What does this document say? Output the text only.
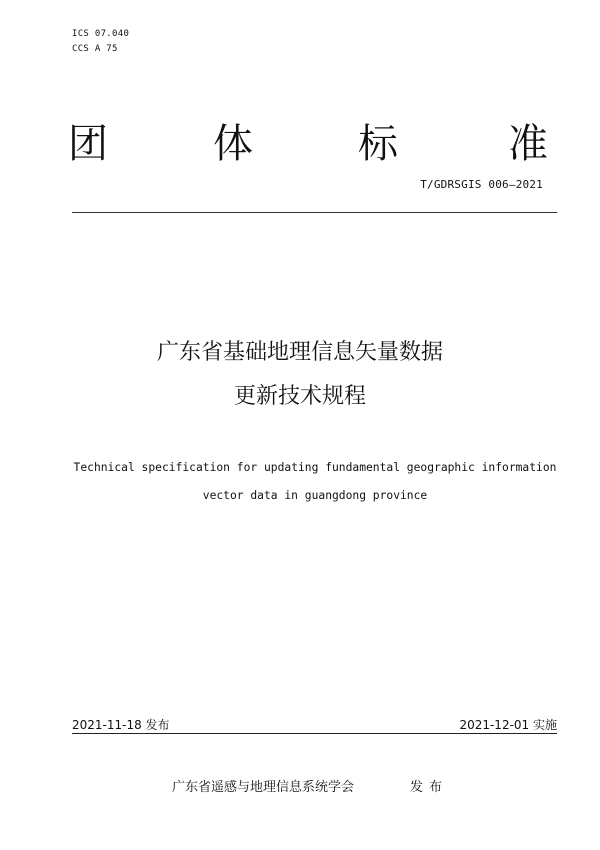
ICS 07.040
CCS A 75
团	体	标	准
T/GDRSGIS 006—2021
广东省基础地理信息矢量数据
更新技术规程
Technical specification for updating fundamental geographic information
vector data in guangdong province
2021-11-18 发布	2021-12-01 实施
广东省遥感与地理信息系统学会	发布
